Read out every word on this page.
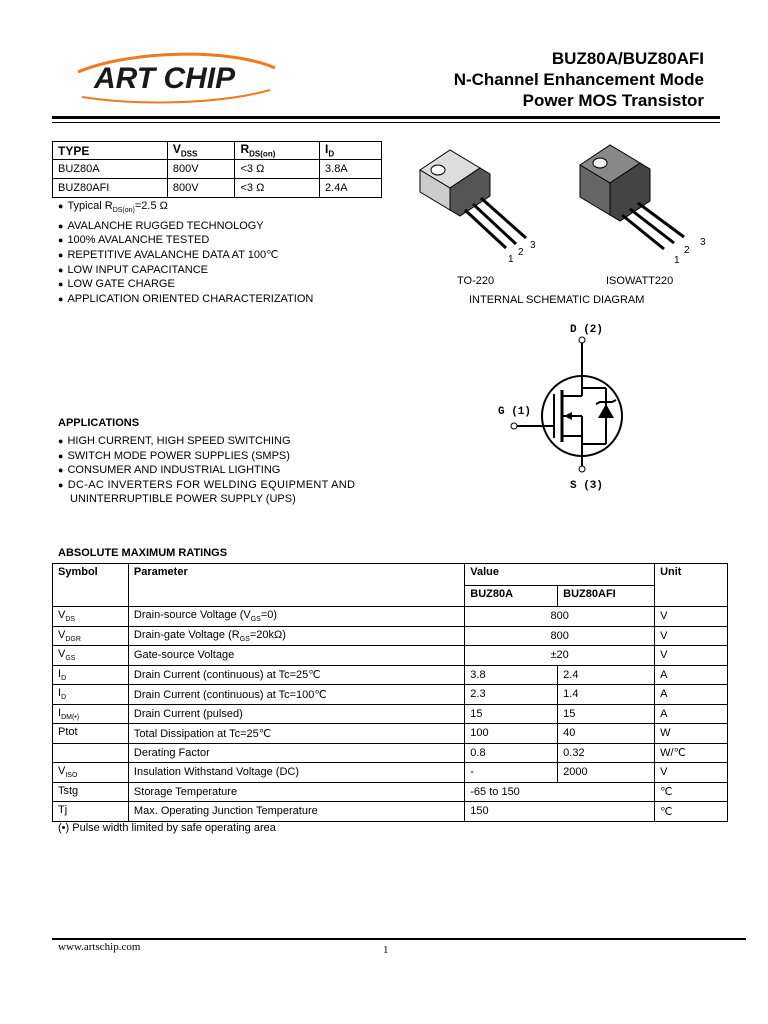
ART CHIP
BUZ80A/BUZ80AFI
N-Channel Enhancement Mode
Power MOS Transistor
TYPE	$V_{DSS}$	$R_{DS(on)}$	$I_D$
BUZ80A	800V	<3 Ω	3.8A
BUZ80AFI	800V	<3 Ω	2.4A
● Typical $R_{DS(on)}=2.5$ Ω
● AVALANCHE RUGGED TECHNOLOGY
● 100% AVALANCHE TESTED
● REPETITIVE AVALANCHE DATA AT 100℃
● LOW INPUT CAPACITANCE
● LOW GATE CHARGE
● APPLICATION ORIENTED CHARACTERIZATION
1
2
3
1
2
3
TO-220	ISOWATT220
INTERNAL SCHEMATIC DIAGRAM
D (2)
G (1)
S (3)
APPLICATIONS
● HIGH CURRENT, HIGH SPEED SWITCHING
● SWITCH MODE POWER SUPPLIES (SMPS)
● CONSUMER AND INDUSTRIAL LIGHTING
● DC-AC INVERTERS FOR WELDING EQUIPMENT AND
UNINTERRUPTIBLE POWER SUPPLY (UPS)
ABSOLUTE MAXIMUM RATINGS
Symbol	Parameter	Value		Unit
		BUZ80A	BUZ80AFI	
$V_{DS}$	Drain-source Voltage $(V_{GS}=0)$	800		V
$V_{DGR}$	Drain-gate Voltage $(R_{GS}=20k\Omega)$	800		V
$V_{GS}$	Gate-source Voltage	±20		V
$I_D$	Drain Current (continuous) at Tc=25℃	3.8	2.4	A
$I_D$	Drain Current (continuous) at Tc=100℃	2.3	1.4	A
$I_{DM(•)}$	Drain Current (pulsed)	15	15	A
Ptot	Total Dissipation at Tc=25℃	100	40	W
	Derating Factor	0.8	0.32	W/℃
$V_{ISO}$	Insulation Withstand Voltage (DC)	-	2000	V
Tstg	Storage Temperature	-65 to 150		℃
Tj	Max. Operating Junction Temperature	150		℃
(•) Pulse width limited by safe operating area
www.artschip.com	1
